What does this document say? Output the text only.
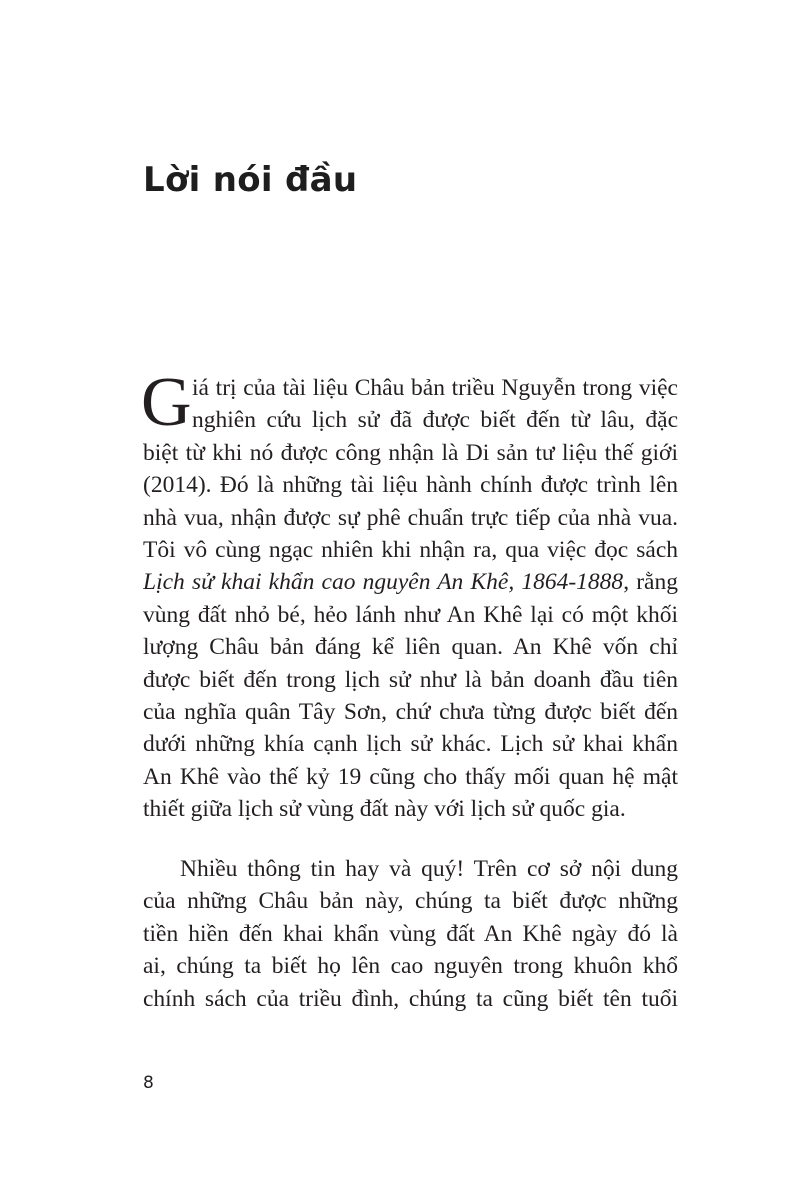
Lời nói đầu
G iá trị của tài liệu Châu bản triều Nguyễn trong việc
nghiên cứu lịch sử đã được biết đến từ lâu, đặc
biệt từ khi nó được công nhận là Di sản tư liệu thế giới
(2014). Đó là những tài liệu hành chính được trình lên
nhà vua, nhận được sự phê chuẩn trực tiếp của nhà vua.
Tôi vô cùng ngạc nhiên khi nhận ra, qua việc đọc sách
Lịch sử khai khẩn cao nguyên An Khê, 1864-1888, rằng
vùng đất nhỏ bé, hẻo lánh như An Khê lại có một khối
lượng Châu bản đáng kể liên quan. An Khê vốn chỉ
được biết đến trong lịch sử như là bản doanh đầu tiên
của nghĩa quân Tây Sơn, chứ chưa từng được biết đến
dưới những khía cạnh lịch sử khác. Lịch sử khai khẩn
An Khê vào thế kỷ 19 cũng cho thấy mối quan hệ mật
thiết giữa lịch sử vùng đất này với lịch sử quốc gia.
Nhiều thông tin hay và quý! Trên cơ sở nội dung
của những Châu bản này, chúng ta biết được những
tiền hiền đến khai khẩn vùng đất An Khê ngày đó là
ai, chúng ta biết họ lên cao nguyên trong khuôn khổ
chính sách của triều đình, chúng ta cũng biết tên tuổi
8
